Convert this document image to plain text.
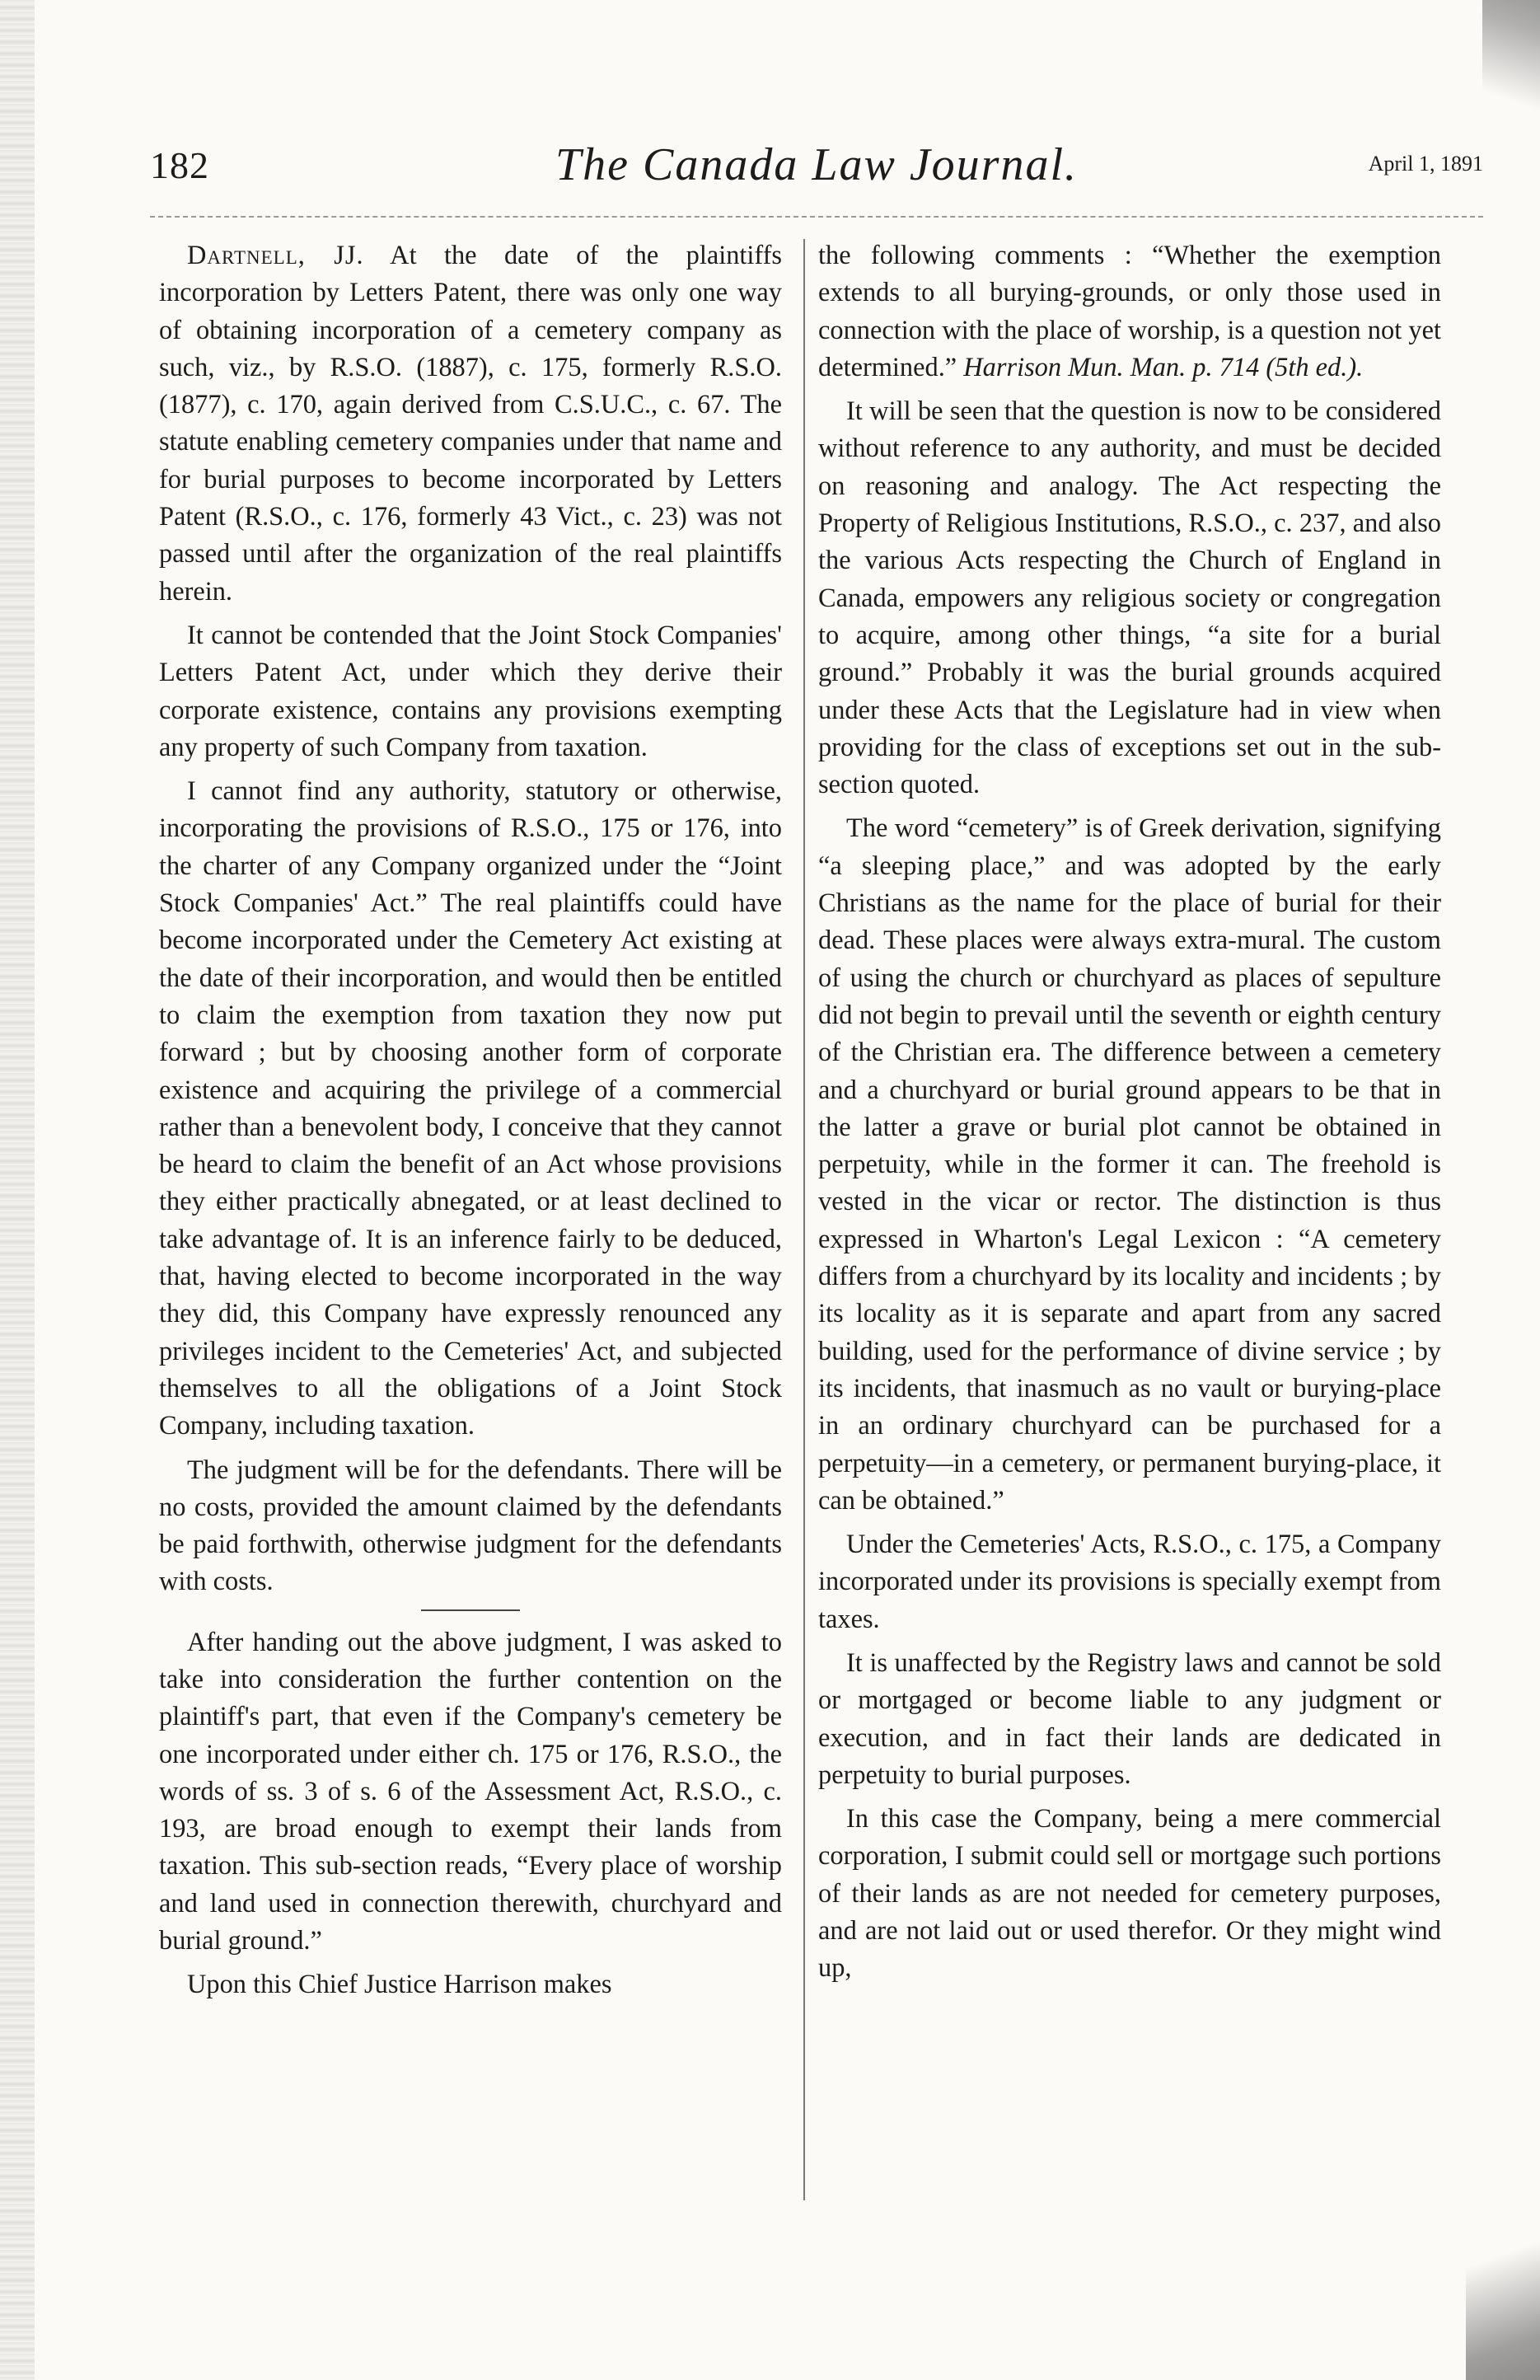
182	The Canada Law Journal.	April 1, 1891

Dartnell, JJ. At the date of the plaintiffs incorporation by Letters Patent, there was only one way of obtaining incorporation of a cemetery company as such, viz., by R.S.O. (1887), c. 175, formerly R.S.O. (1877), c. 170, again derived from C.S.U.C., c. 67. The statute enabling cemetery companies under that name and for burial purposes to become incorporated by Letters Patent (R.S.O., c. 176, formerly 43 Vict., c. 23) was not passed until after the organization of the real plaintiffs herein.

It cannot be contended that the Joint Stock Companies' Letters Patent Act, under which they derive their corporate existence, contains any provisions exempting any property of such Company from taxation.

I cannot find any authority, statutory or otherwise, incorporating the provisions of R.S.O., 175 or 176, into the charter of any Company organized under the “Joint Stock Companies' Act.” The real plaintiffs could have become incorporated under the Cemetery Act existing at the date of their incorporation, and would then be entitled to claim the exemption from taxation they now put forward ; but by choosing another form of corporate existence and acquiring the privilege of a commercial rather than a benevolent body, I conceive that they cannot be heard to claim the benefit of an Act whose provisions they either practically abnegated, or at least declined to take advantage of. It is an inference fairly to be deduced, that, having elected to become incorporated in the way they did, this Company have expressly renounced any privileges incident to the Cemeteries' Act, and subjected themselves to all the obligations of a Joint Stock Company, including taxation.

The judgment will be for the defendants. There will be no costs, provided the amount claimed by the defendants be paid forthwith, otherwise judgment for the defendants with costs.

After handing out the above judgment, I was asked to take into consideration the further contention on the plaintiff's part, that even if the Company's cemetery be one incorporated under either ch. 175 or 176, R.S.O., the words of ss. 3 of s. 6 of the Assessment Act, R.S.O., c. 193, are broad enough to exempt their lands from taxation. This sub-section reads, “Every place of worship and land used in connection therewith, churchyard and burial ground.”

Upon this Chief Justice Harrison makes

the following comments : “Whether the exemption extends to all burying-grounds, or only those used in connection with the place of worship, is a question not yet determined.” Harrison Mun. Man. p. 714 (5th ed.).

It will be seen that the question is now to be considered without reference to any authority, and must be decided on reasoning and analogy. The Act respecting the Property of Religious Institutions, R.S.O., c. 237, and also the various Acts respecting the Church of England in Canada, empowers any religious society or congregation to acquire, among other things, “a site for a burial ground.” Probably it was the burial grounds acquired under these Acts that the Legislature had in view when providing for the class of exceptions set out in the sub-section quoted.

The word “cemetery” is of Greek derivation, signifying “a sleeping place,” and was adopted by the early Christians as the name for the place of burial for their dead. These places were always extra-mural. The custom of using the church or churchyard as places of sepulture did not begin to prevail until the seventh or eighth century of the Christian era. The difference between a cemetery and a churchyard or burial ground appears to be that in the latter a grave or burial plot cannot be obtained in perpetuity, while in the former it can. The freehold is vested in the vicar or rector. The distinction is thus expressed in Wharton's Legal Lexicon : “A cemetery differs from a churchyard by its locality and incidents ; by its locality as it is separate and apart from any sacred building, used for the performance of divine service ; by its incidents, that inasmuch as no vault or burying-place in an ordinary churchyard can be purchased for a perpetuity—in a cemetery, or permanent burying-place, it can be obtained.”

Under the Cemeteries' Acts, R.S.O., c. 175, a Company incorporated under its provisions is specially exempt from taxes.

It is unaffected by the Registry laws and cannot be sold or mortgaged or become liable to any judgment or execution, and in fact their lands are dedicated in perpetuity to burial purposes.

In this case the Company, being a mere commercial corporation, I submit could sell or mortgage such portions of their lands as are not needed for cemetery purposes, and are not laid out or used therefor. Or they might wind up,
